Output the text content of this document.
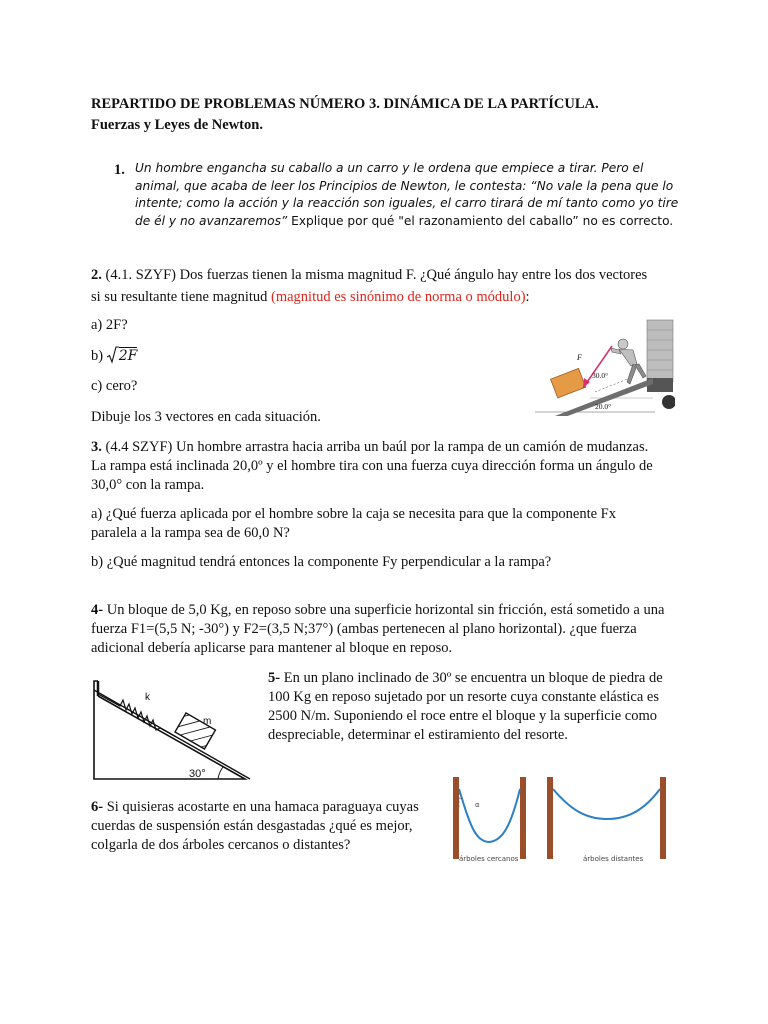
REPARTIDO DE PROBLEMAS NÚMERO 3. DINÁMICA DE LA PARTÍCULA.
Fuerzas y Leyes de Newton.
1. Un hombre engancha su caballo a un carro y le ordena que empiece a tirar. Pero el
animal, que acaba de leer los Principios de Newton, le contesta: “No vale la pena que lo
intente; como la acción y la reacción son iguales, el carro tirará de mí tanto como yo tire
de él y no avanzaremos” Explique por qué "el razonamiento del caballo” no es correcto.
2. (4.1. SZYF) Dos fuerzas tienen la misma magnitud F. ¿Qué ángulo hay entre los dos vectores
si su resultante tiene magnitud (magnitud es sinónimo de norma o módulo):
a) 2F?
b) 2F
c) cero?
Dibuje los 3 vectores en cada situación.
F
30.0°
20.0°
3. (4.4 SZYF) Un hombre arrastra hacia arriba un baúl por la rampa de un camión de mudanzas.
La rampa está inclinada 20,0º y el hombre tira con una fuerza cuya dirección forma un ángulo de
30,0° con la rampa.
a) ¿Qué fuerza aplicada por el hombre sobre la caja se necesita para que la componente Fx
paralela a la rampa sea de 60,0 N?
b) ¿Qué magnitud tendrá entonces la componente Fy perpendicular a la rampa?
4- Un bloque de 5,0 Kg, en reposo sobre una superficie horizontal sin fricción, está sometido a una
fuerza F1=(5,5 N; -30°) y F2=(3,5 N;37°) (ambas pertenecen al plano horizontal). ¿que fuerza
adicional debería aplicarse para mantener al bloque en reposo.
k
m
30°
5- En un plano inclinado de 30º se encuentra un bloque de piedra de
100 Kg en reposo sujetado por un resorte cuya constante elástica es
2500 N/m. Suponiendo el roce entre el bloque y la superficie como
despreciable, determinar el estiramiento del resorte.
6- Si quisieras acostarte en una hamaca paraguaya cuyas
cuerdas de suspensión están desgastadas ¿qué es mejor,
colgarla de dos árboles cercanos o distantes?
α
árboles cercanos	árboles distantes
